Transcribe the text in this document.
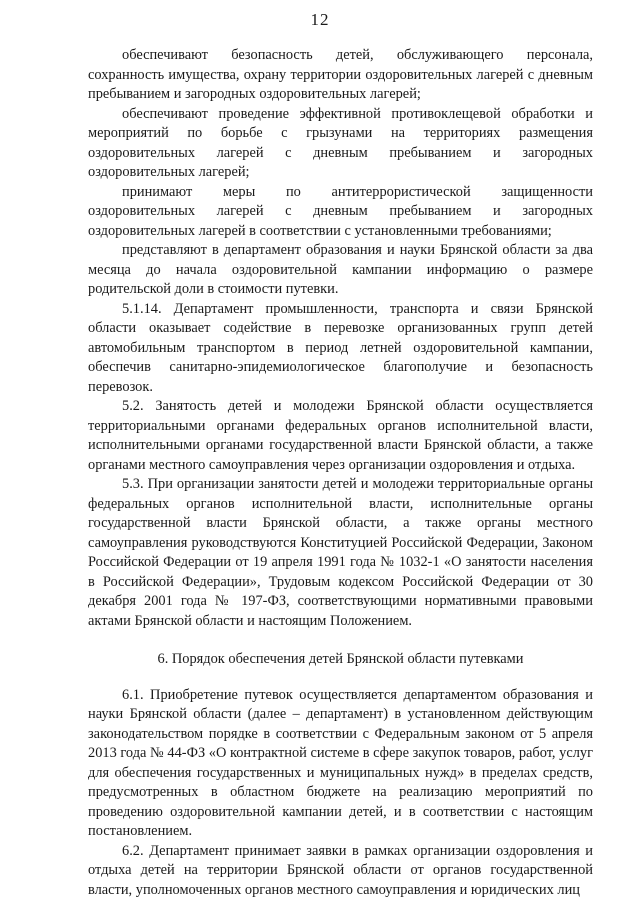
12

обеспечивают безопасность детей, обслуживающего персонала, сохранность имущества, охрану территории оздоровительных лагерей с дневным пребыванием и загородных оздоровительных лагерей;

обеспечивают проведение эффективной противоклещевой обработки и мероприятий по борьбе с грызунами на территориях размещения оздоровительных лагерей с дневным пребыванием и загородных оздоровительных лагерей;

принимают меры по антитеррористической защищенности оздоровительных лагерей с дневным пребыванием и загородных оздоровительных лагерей в соответствии с установленными требованиями;

представляют в департамент образования и науки Брянской области за два месяца до начала оздоровительной кампании информацию о размере родительской доли в стоимости путевки.

5.1.14. Департамент промышленности, транспорта и связи Брянской области оказывает содействие в перевозке организованных групп детей автомобильным транспортом в период летней оздоровительной кампании, обеспечив санитарно-эпидемиологическое благополучие и безопасность перевозок.

5.2. Занятость детей и молодежи Брянской области осуществляется территориальными органами федеральных органов исполнительной власти, исполнительными органами государственной власти Брянской области, а также органами местного самоуправления через организации оздоровления и отдыха.

5.3. При организации занятости детей и молодежи территориальные органы федеральных органов исполнительной власти, исполнительные органы государственной власти Брянской области, а также органы местного самоуправления руководствуются Конституцией Российской Федерации, Законом Российской Федерации от 19 апреля 1991 года № 1032-1 «О занятости населения в Российской Федерации», Трудовым кодексом Российской Федерации от 30 декабря 2001 года № 197-ФЗ, соответствующими нормативными правовыми актами Брянской области и настоящим Положением.

6. Порядок обеспечения детей Брянской области путевками

6.1. Приобретение путевок осуществляется департаментом образования и науки Брянской области (далее – департамент) в установленном действующим законодательством порядке в соответствии с Федеральным законом от 5 апреля 2013 года № 44-ФЗ «О контрактной системе в сфере закупок товаров, работ, услуг для обеспечения государственных и муниципальных нужд» в пределах средств, предусмотренных в областном бюджете на реализацию мероприятий по проведению оздоровительной кампании детей, и в соответствии с настоящим постановлением.

6.2. Департамент принимает заявки в рамках организации оздоровления и отдыха детей на территории Брянской области от органов государственной власти, уполномоченных органов местного самоуправления и юридических лиц
